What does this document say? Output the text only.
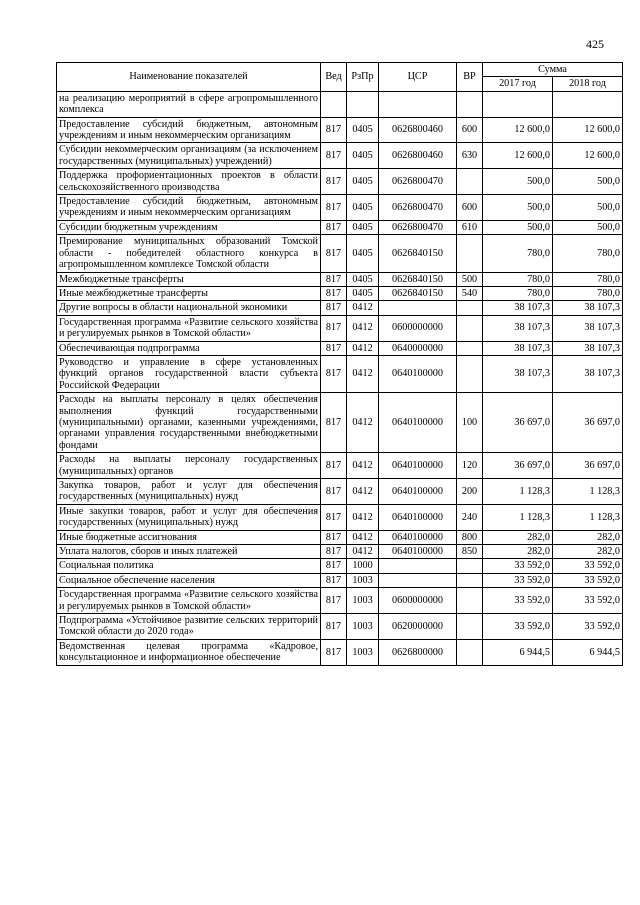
425
Наименование показателей	Вед	РзПр	ЦСР	ВР	Сумма	
					2017 год	2018 год
на реализацию мероприятий в сфере агропромышленного комплекса						
Предоставление субсидий бюджетным, автономным учреждениям и иным некоммерческим организациям	817	0405	0626800460	600	12 600,0	12 600,0
Субсидии некоммерческим организациям (за исключением государственных (муниципальных) учреждений)	817	0405	0626800460	630	12 600,0	12 600,0
Поддержка профориентационных проектов в области сельскохозяйственного производства	817	0405	0626800470		500,0	500,0
Предоставление субсидий бюджетным, автономным учреждениям и иным некоммерческим организациям	817	0405	0626800470	600	500,0	500,0
Субсидии бюджетным учреждениям	817	0405	0626800470	610	500,0	500,0
Премирование муниципальных образований Томской области - победителей областного конкурса в агропромышленном комплексе Томской области	817	0405	0626840150		780,0	780,0
Межбюджетные трансферты	817	0405	0626840150	500	780,0	780,0
Иные межбюджетные трансферты	817	0405	0626840150	540	780,0	780,0
Другие вопросы в области национальной экономики	817	0412			38 107,3	38 107,3
Государственная программа «Развитие сельского хозяйства и регулируемых рынков в Томской области»	817	0412	0600000000		38 107,3	38 107,3
Обеспечивающая подпрограмма	817	0412	0640000000		38 107,3	38 107,3
Руководство и управление в сфере установленных функций органов государственной власти субъекта Российской Федерации	817	0412	0640100000		38 107,3	38 107,3
Расходы на выплаты персоналу в целях обеспечения выполнения функций государственными (муниципальными) органами, казенными учреждениями, органами управления государственными внебюджетными фондами	817	0412	0640100000	100	36 697,0	36 697,0
Расходы на выплаты персоналу государственных (муниципальных) органов	817	0412	0640100000	120	36 697,0	36 697,0
Закупка товаров, работ и услуг для обеспечения государственных (муниципальных) нужд	817	0412	0640100000	200	1 128,3	1 128,3
Иные закупки товаров, работ и услуг для обеспечения государственных (муниципальных) нужд	817	0412	0640100000	240	1 128,3	1 128,3
Иные бюджетные ассигнования	817	0412	0640100000	800	282,0	282,0
Уплата налогов, сборов и иных платежей	817	0412	0640100000	850	282,0	282,0
Социальная политика	817	1000			33 592,0	33 592,0
Социальное обеспечение населения	817	1003			33 592,0	33 592,0
Государственная программа «Развитие сельского хозяйства и регулируемых рынков в Томской области»	817	1003	0600000000		33 592,0	33 592,0
Подпрограмма «Устойчивое развитие сельских территорий Томской области до 2020 года»	817	1003	0620000000		33 592,0	33 592,0
Ведомственная целевая программа «Кадровое, консультационное и информационное обеспечение	817	1003	0626800000		6 944,5	6 944,5
